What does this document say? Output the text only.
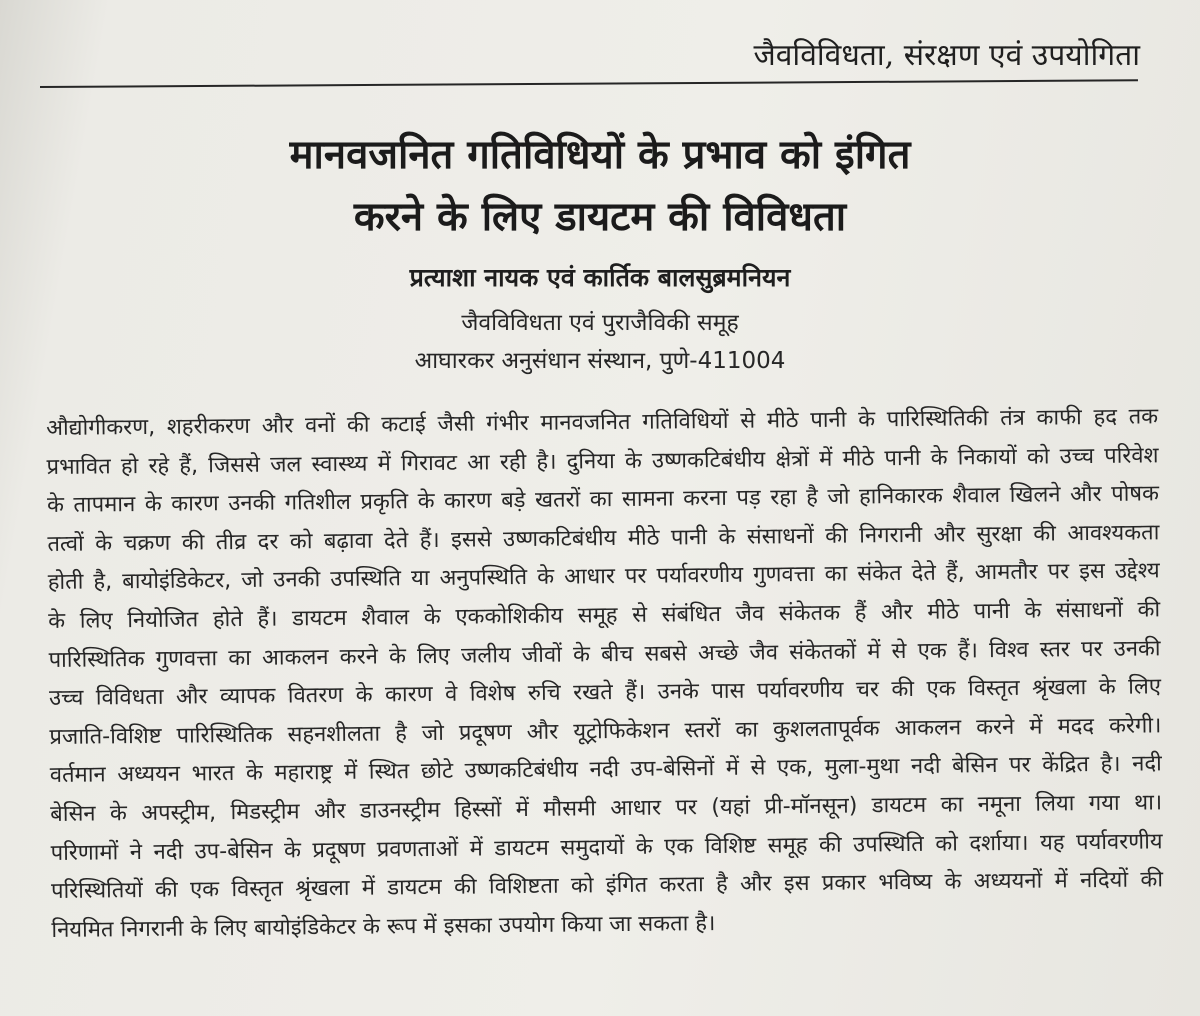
जैवविविधता, संरक्षण एवं उपयोगिता
मानवजनित गतिविधियों के प्रभाव को इंगित
करने के लिए डायटम की विविधता
प्रत्याशा नायक एवं कार्तिक बालसुब्रमनियन
जैवविविधता एवं पुराजैविकी समूह
आघारकर अनुसंधान संस्थान, पुणे-411004
औद्योगीकरण, शहरीकरण और वनों की कटाई जैसी गंभीर मानवजनित गतिविधियों से मीठे पानी के पारिस्थितिकी तंत्र काफी हद तक
प्रभावित हो रहे हैं, जिससे जल स्वास्थ्य में गिरावट आ रही है। दुनिया के उष्णकटिबंधीय क्षेत्रों में मीठे पानी के निकायों को उच्च परिवेश
के तापमान के कारण उनकी गतिशील प्रकृति के कारण बड़े खतरों का सामना करना पड़ रहा है जो हानिकारक शैवाल खिलने और पोषक
तत्वों के चक्रण की तीव्र दर को बढ़ावा देते हैं। इससे उष्णकटिबंधीय मीठे पानी के संसाधनों की निगरानी और सुरक्षा की आवश्यकता
होती है, बायोइंडिकेटर, जो उनकी उपस्थिति या अनुपस्थिति के आधार पर पर्यावरणीय गुणवत्ता का संकेत देते हैं, आमतौर पर इस उद्देश्य
के लिए नियोजित होते हैं। डायटम शैवाल के एककोशिकीय समूह से संबंधित जैव संकेतक हैं और मीठे पानी के संसाधनों की
पारिस्थितिक गुणवत्ता का आकलन करने के लिए जलीय जीवों के बीच सबसे अच्छे जैव संकेतकों में से एक हैं। विश्व स्तर पर उनकी
उच्च विविधता और व्यापक वितरण के कारण वे विशेष रुचि रखते हैं। उनके पास पर्यावरणीय चर की एक विस्तृत श्रृंखला के लिए
प्रजाति-विशिष्ट पारिस्थितिक सहनशीलता है जो प्रदूषण और यूट्रोफिकेशन स्तरों का कुशलतापूर्वक आकलन करने में मदद करेगी।
वर्तमान अध्ययन भारत के महाराष्ट्र में स्थित छोटे उष्णकटिबंधीय नदी उप-बेसिनों में से एक, मुला-मुथा नदी बेसिन पर केंद्रित है। नदी
बेसिन के अपस्ट्रीम, मिडस्ट्रीम और डाउनस्ट्रीम हिस्सों में मौसमी आधार पर (यहां प्री-मॉनसून) डायटम का नमूना लिया गया था।
परिणामों ने नदी उप-बेसिन के प्रदूषण प्रवणताओं में डायटम समुदायों के एक विशिष्ट समूह की उपस्थिति को दर्शाया। यह पर्यावरणीय
परिस्थितियों की एक विस्तृत श्रृंखला में डायटम की विशिष्टता को इंगित करता है और इस प्रकार भविष्य के अध्ययनों में नदियों की
नियमित निगरानी के लिए बायोइंडिकेटर के रूप में इसका उपयोग किया जा सकता है।
